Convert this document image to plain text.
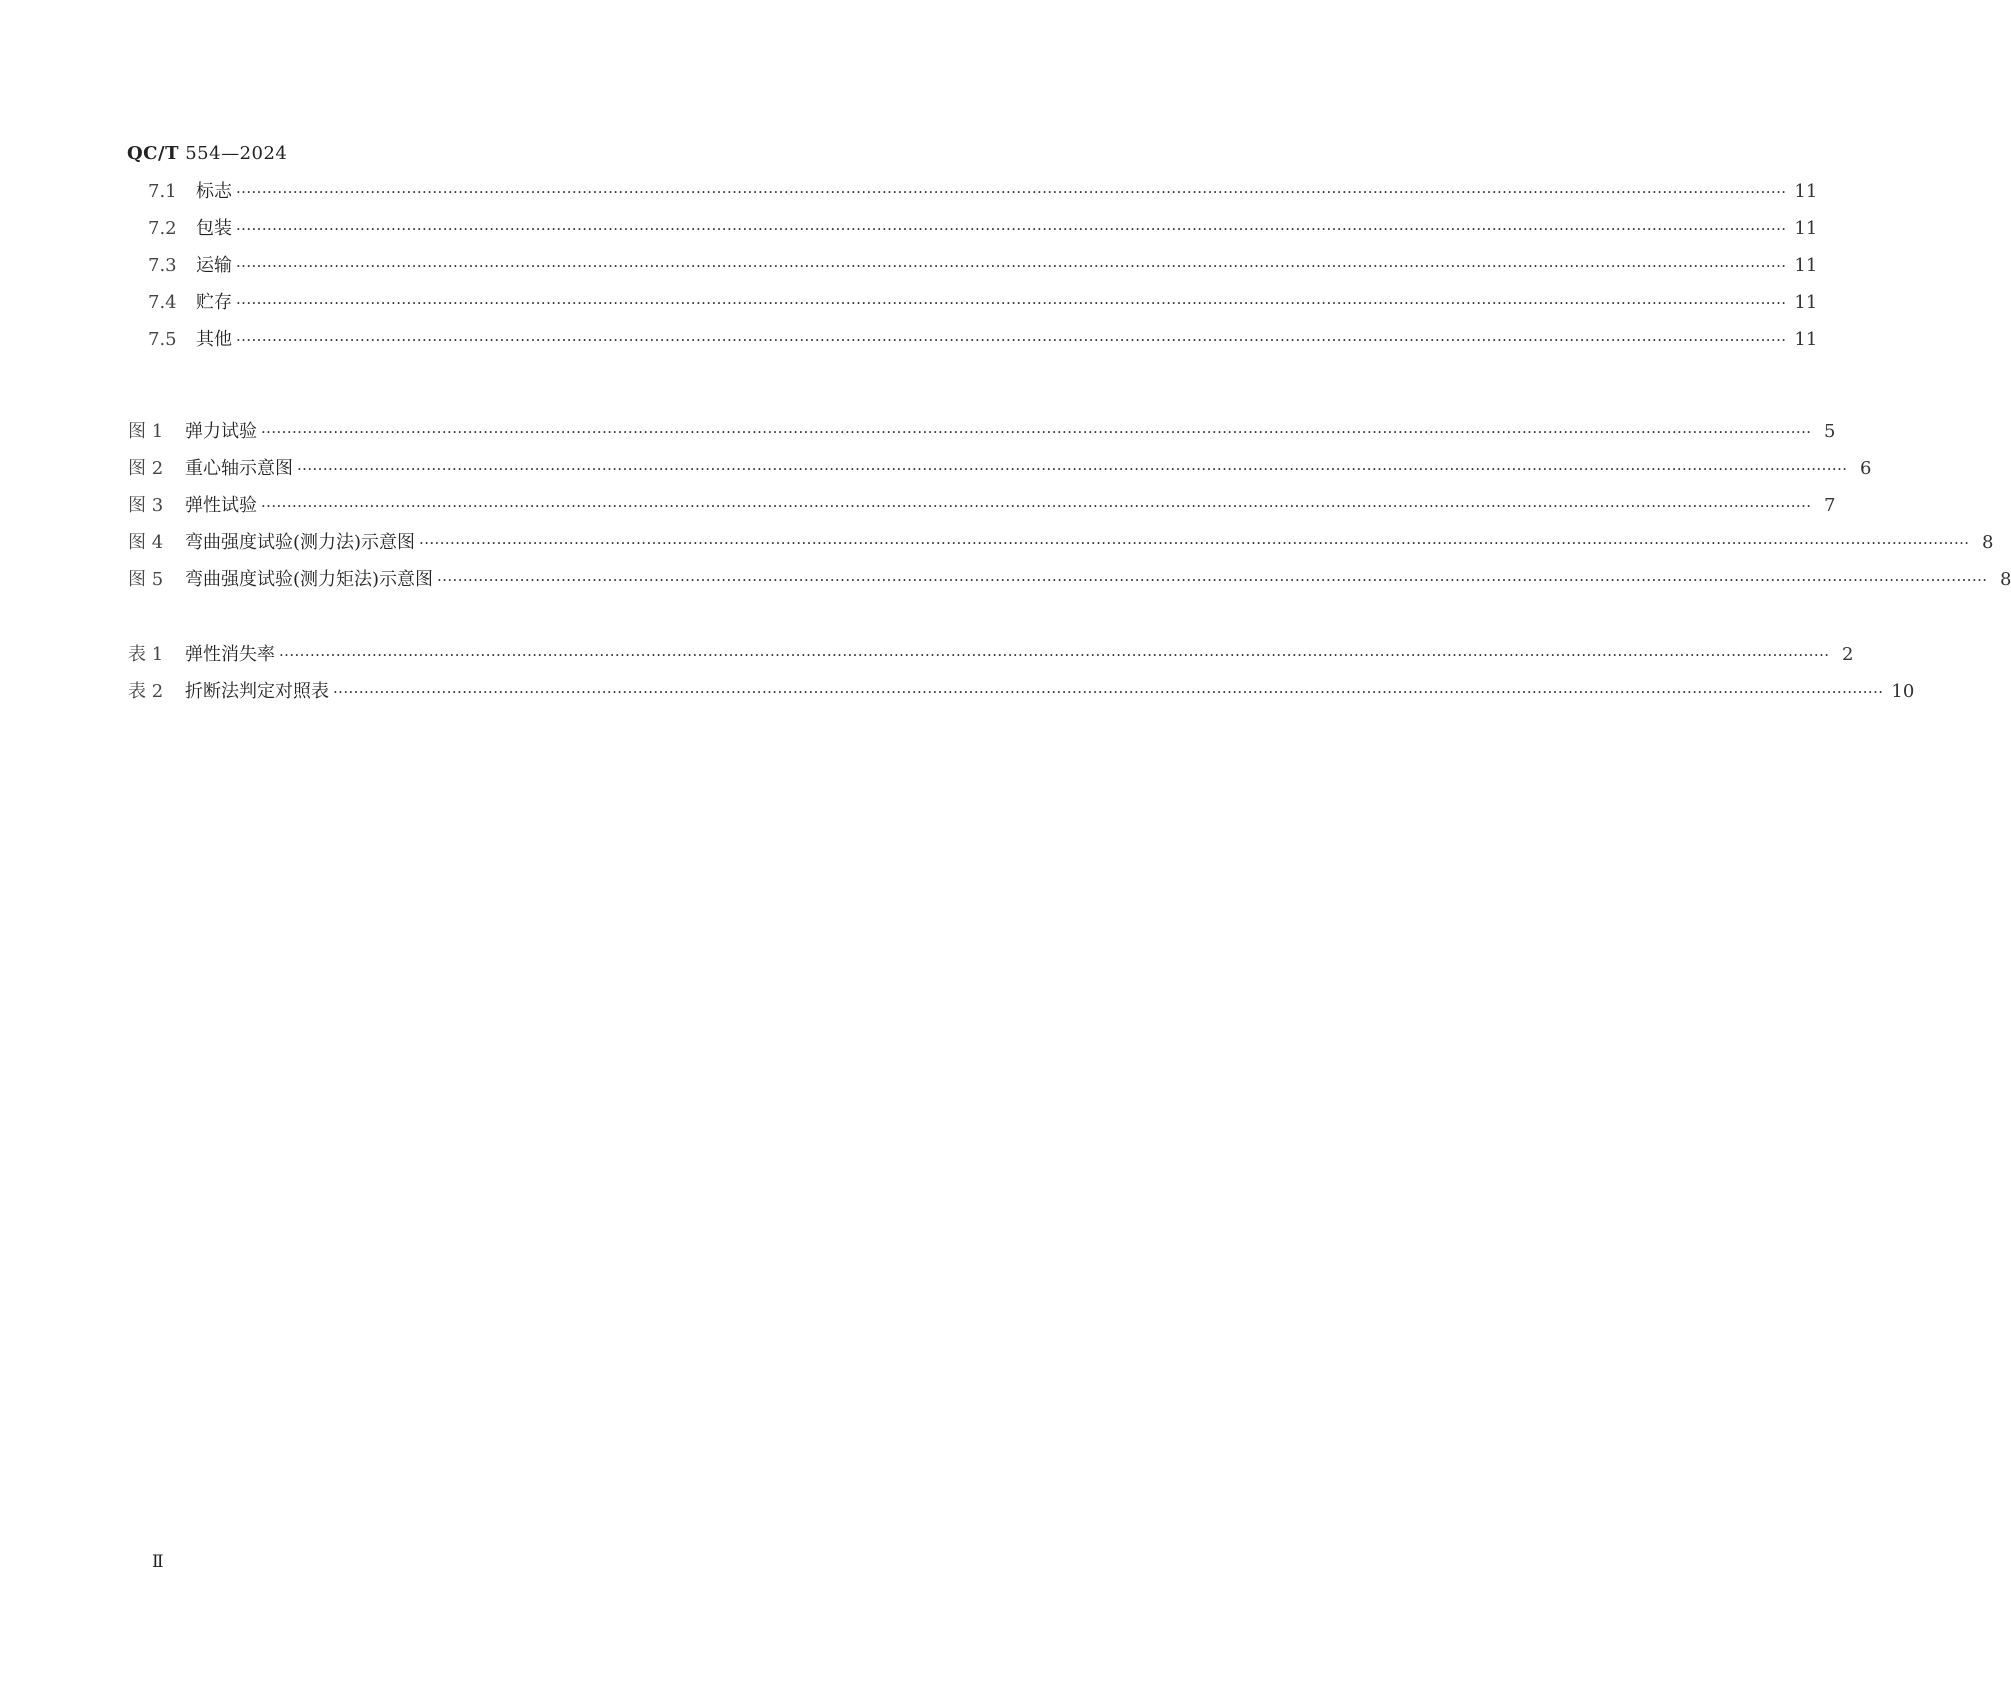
QC/T 554—2024
7.1	标志 ············································································································································································································································································································ 11
7.2	包装 ············································································································································································································································································································ 11
7.3	运输 ············································································································································································································································································································ 11
7.4	贮存 ············································································································································································································································································································ 11
7.5	其他 ············································································································································································································································································································ 11
图 1	弹力试验 ············································································································································································································································································································ 5
图 2	重心轴示意图 ············································································································································································································································································································ 6
图 3	弹性试验 ············································································································································································································································································································ 7
图 4	弯曲强度试验(测力法)示意图 ············································································································································································································································································································ 8
图 5	弯曲强度试验(测力矩法)示意图 ············································································································································································································································································································ 8
表 1	弹性消失率 ············································································································································································································································································································ 2
表 2	折断法判定对照表 ············································································································································································································································································································ 10
Ⅱ
